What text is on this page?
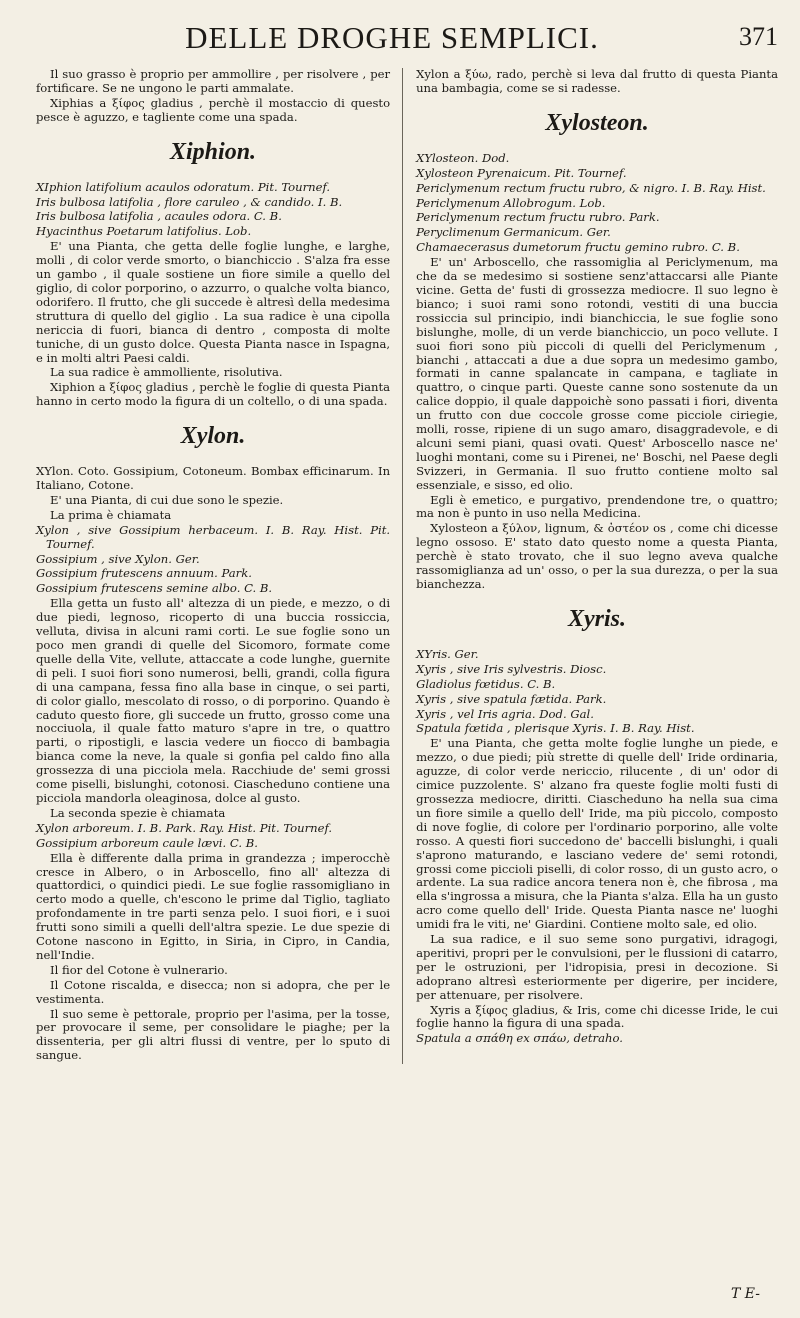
DELLE DROGHE SEMPLICI.	371

Il suo grasso è proprio per ammollire , per risolvere , per fortificare. Se ne ungono le parti ammalate.

Xiphias a ξίφος gladius , perchè il mostaccio di questo pesce è aguzzo, e tagliente come una spada.

Xiphion.

XIphion latifolium acaulos odoratum. Pit. Tournef.

Iris bulbosa latifolia , flore caruleo , & candido. I. B.

Iris bulbosa latifolia , acaules odora. C. B.

Hyacinthus Poetarum latifolius. Lob.

E' una Pianta, che getta delle foglie lunghe, e larghe, molli , di color verde smorto, o bianchiccio . S'alza fra esse un gambo , il quale sostiene un fiore simile a quello del giglio, di color porporino, o azzurro, o qualche volta bianco, odorifero. Il frutto, che gli succede è altresì della medesima struttura di quello del giglio . La sua radice è una cipolla nericcia di fuori, bianca di dentro , composta di molte tuniche, di un gusto dolce. Questa Pianta nasce in Ispagna, e in molti altri Paesi caldi.

La sua radice è ammolliente, risolutiva.

Xiphion a ξίφος gladius , perchè le foglie di questa Pianta hanno in certo modo la figura di un coltello, o di una spada.

Xylon.

XYlon. Coto. Gossipium, Cotoneum. Bombax efficinarum. In Italiano, Cotone.

E' una Pianta, di cui due sono le spezie.

La prima è chiamata

Xylon , sive Gossipium herbaceum. I. B. Ray. Hist. Pit. Tournef.

Gossipium , sive Xylon. Ger.

Gossipium frutescens annuum. Park.

Gossipium frutescens semine albo. C. B.

Ella getta un fusto all' altezza di un piede, e mezzo, o di due piedi, legnoso, ricoperto di una buccia rossiccia, velluta, divisa in alcuni rami corti. Le sue foglie sono un poco men grandi di quelle del Sicomoro, formate come quelle della Vite, vellute, attaccate a code lunghe, guernite di peli. I suoi fiori sono numerosi, belli, grandi, colla figura di una campana, fessa fino alla base in cinque, o sei parti, di color giallo, mescolato di rosso, o di porporino. Quando è caduto questo fiore, gli succede un frutto, grosso come una nocciuola, il quale fatto maturo s'apre in tre, o quattro parti, o ripostigli, e lascia vedere un fiocco di bambagia bianca come la neve, la quale si gonfia pel caldo fino alla grossezza di una picciola mela. Racchiude de' semi grossi come piselli, bislunghi, cotonosi. Ciascheduno contiene una picciola mandorla oleaginosa, dolce al gusto.

La seconda spezie è chiamata

Xylon arboreum. I. B. Park. Ray. Hist. Pit. Tournef.

Gossipium arboreum caule lævi. C. B.

Ella è differente dalla prima in grandezza ; imperocchè cresce in Albero, o in Arboscello, fino all' altezza di quattordici, o quindici piedi. Le sue foglie rassomigliano in certo modo a quelle, ch'escono le prime dal Tiglio, tagliato profondamente in tre parti senza pelo. I suoi fiori, e i suoi frutti sono simili a quelli dell'altra spezie. Le due spezie di Cotone nascono in Egitto, in Siria, in Cipro, in Candia, nell'Indie.

Il fior del Cotone è vulnerario.

Il Cotone riscalda, e disecca; non si adopra, che per le vestimenta.

Il suo seme è pettorale, proprio per l'asima, per la tosse, per provocare il seme, per consolidare le piaghe; per la dissenteria, per gli altri flussi di ventre, per lo sputo di sangue.

Xylon a ξύω, rado, perchè si leva dal frutto di questa Pianta una bambagia, come se si radesse.

Xylosteon.

XYlosteon. Dod.

Xylosteon Pyrenaicum. Pit. Tournef.

Periclymenum rectum fructu rubro, & nigro. I. B. Ray. Hist.

Periclymenum Allobrogum. Lob.

Periclymenum rectum fructu rubro. Park.

Peryclimenum Germanicum. Ger.

Chamaecerasus dumetorum fructu gemino rubro. C. B.

E' un' Arboscello, che rassomiglia al Periclymenum, ma che da se medesimo si sostiene senz'attaccarsi alle Piante vicine. Getta de' fusti di grossezza mediocre. Il suo legno è bianco; i suoi rami sono rotondi, vestiti di una buccia rossiccia sul principio, indi bianchiccia, le sue foglie sono bislunghe, molle, di un verde bianchiccio, un poco vellute. I suoi fiori sono più piccoli di quelli del Periclymenum , bianchi , attaccati a due a due sopra un medesimo gambo, formati in canne spalancate in campana, e tagliate in quattro, o cinque parti. Queste canne sono sostenute da un calice doppio, il quale dappoichè sono passati i fiori, diventa un frutto con due coccole grosse come picciole ciriegie, molli, rosse, ripiene di un sugo amaro, disaggradevole, e di alcuni semi piani, quasi ovati. Quest' Arboscello nasce ne' luoghi montani, come su i Pirenei, ne' Boschi, nel Paese degli Svizzeri, in Germania. Il suo frutto contiene molto sal essenziale, e sisso, ed olio.

Egli è emetico, e purgativo, prendendone tre, o quattro; ma non è punto in uso nella Medicina.

Xylosteon a ξύλον, lignum, & ὀστέον os , come chi dicesse legno ossoso. E' stato dato questo nome a questa Pianta, perchè è stato trovato, che il suo legno aveva qualche rassomiglianza ad un' osso, o per la sua durezza, o per la sua bianchezza.

Xyris.

XYris. Ger.

Xyris , sive Iris sylvestris. Diosc.

Gladiolus fœtidus. C. B.

Xyris , sive spatula fætida. Park.

Xyris , vel Iris agria. Dod. Gal.

Spatula fœtida , plerisque Xyris. I. B. Ray. Hist.

E' una Pianta, che getta molte foglie lunghe un piede, e mezzo, o due piedi; più strette di quelle dell' Iride ordinaria, aguzze, di color verde nericcio, rilucente , di un' odor di cimice puzzolente. S' alzano fra queste foglie molti fusti di grossezza mediocre, diritti. Ciascheduno ha nella sua cima un fiore simile a quello dell' Iride, ma più piccolo, composto di nove foglie, di colore per l'ordinario porporino, alle volte rosso. A questi fiori succedono de' baccelli bislunghi, i quali s'aprono maturando, e lasciano vedere de' semi rotondi, grossi come piccioli piselli, di color rosso, di un gusto acro, o ardente. La sua radice ancora tenera non è, che fibrosa , ma ella s'ingrossa a misura, che la Pianta s'alza. Ella ha un gusto acro come quello dell' Iride. Questa Pianta nasce ne' luoghi umidi fra le viti, ne' Giardini. Contiene molto sale, ed olio.

La sua radice, e il suo seme sono purgativi, idragogi, aperitivi, propri per le convulsioni, per le flussioni di catarro, per le ostruzioni, per l'idropisia, presi in decozione. Si adoprano altresì esteriormente per digerire, per incidere, per attenuare, per risolvere.

Xyris a ξίφος gladius, & Iris, come chi dicesse Iride, le cui foglie hanno la figura di una spada.

Spatula a σπάθη ex σπάω, detraho.

T E-
